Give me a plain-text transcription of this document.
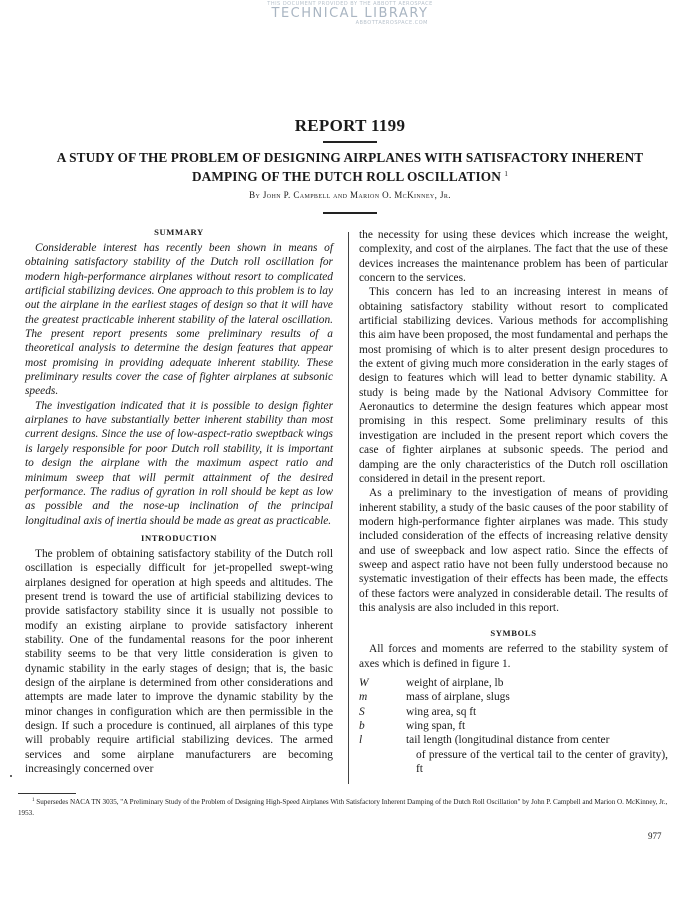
THIS DOCUMENT PROVIDED BY THE ABBOTT AEROSPACE
TECHNICAL LIBRARY
ABBOTTAEROSPACE.COM
REPORT 1199
A STUDY OF THE PROBLEM OF DESIGNING AIRPLANES WITH SATISFACTORY INHERENT
DAMPING OF THE DUTCH ROLL OSCILLATION $^1$
By John P. Campbell and Marion O. McKinney, Jr.
SUMMARY

Considerable interest has recently been shown in means of obtaining satisfactory stability of the Dutch roll oscillation for modern high-performance airplanes without resort to complicated artificial stabilizing devices. One approach to this problem is to lay out the airplane in the earliest stages of design so that it will have the greatest practicable inherent stability of the lateral oscillation. The present report presents some preliminary results of a theoretical analysis to determine the design features that appear most promising in providing adequate inherent stability. These preliminary results cover the case of fighter airplanes at subsonic speeds.

The investigation indicated that it is possible to design fighter airplanes to have substantially better inherent stability than most current designs. Since the use of low-aspect-ratio sweptback wings is largely responsible for poor Dutch roll stability, it is important to design the airplane with the maximum aspect ratio and minimum sweep that will permit attainment of the desired performance. The radius of gyration in roll should be kept as low as possible and the nose-up inclination of the principal longitudinal axis of inertia should be made as great as practicable.

INTRODUCTION

The problem of obtaining satisfactory stability of the Dutch roll oscillation is especially difficult for jet-propelled swept-wing airplanes designed for operation at high speeds and altitudes. The present trend is toward the use of artificial stabilizing devices to provide satisfactory stability since it is usually not possible to modify an existing airplane to provide satisfactory inherent stability. One of the fundamental reasons for the poor inherent stability seems to be that very little consideration is given to dynamic stability in the early stages of design; that is, the basic design of the airplane is determined from other considerations and attempts are made later to improve the dynamic stability by the minor changes in configuration which are then permissible in the design. If such a procedure is continued, all airplanes of this type will probably require artificial stabilizing devices. The armed services and some airplane manufacturers are becoming increasingly concerned over

the necessity for using these devices which increase the weight, complexity, and cost of the airplanes. The fact that the use of these devices increases the maintenance problem has been of particular concern to the services.

This concern has led to an increasing interest in means of obtaining satisfactory stability without resort to complicated artificial stabilizing devices. Various methods for accomplishing this aim have been proposed, the most fundamental and perhaps the most promising of which is to alter present design procedures to the extent of giving much more consideration in the early stages of design to features which will lead to better dynamic stability. A study is being made by the National Advisory Committee for Aeronautics to determine the design features which appear most promising in this respect. Some preliminary results of this investigation are included in the present report which covers the case of fighter airplanes at subsonic speeds. The period and damping are the only characteristics of the Dutch roll oscillation considered in detail in the present report.

As a preliminary to the investigation of means of providing inherent stability, a study of the basic causes of the poor stability of modern high-performance fighter airplanes was made. This study included consideration of the effects of increasing relative density and use of sweepback and low aspect ratio. Since the effects of sweep and aspect ratio have not been fully understood because no systematic investigation of their effects has been made, the effects of these factors were analyzed in considerable detail. The results of this analysis are also included in this report.

SYMBOLS

All forces and moments are referred to the stability system of axes which is defined in figure 1.

W	weight of airplane, lb
m	mass of airplane, slugs
S	wing area, sq ft
b	wing span, ft
l	tail length (longitudinal distance from center
of pressure of the vertical tail to the center of gravity), ft
$^1$ Supersedes NACA TN 3035, "A Preliminary Study of the Problem of Designing High-Speed Airplanes With Satisfactory Inherent Damping of the Dutch Roll Oscillation" by John P. Campbell and Marion O. McKinney, Jr., 1953.
977
